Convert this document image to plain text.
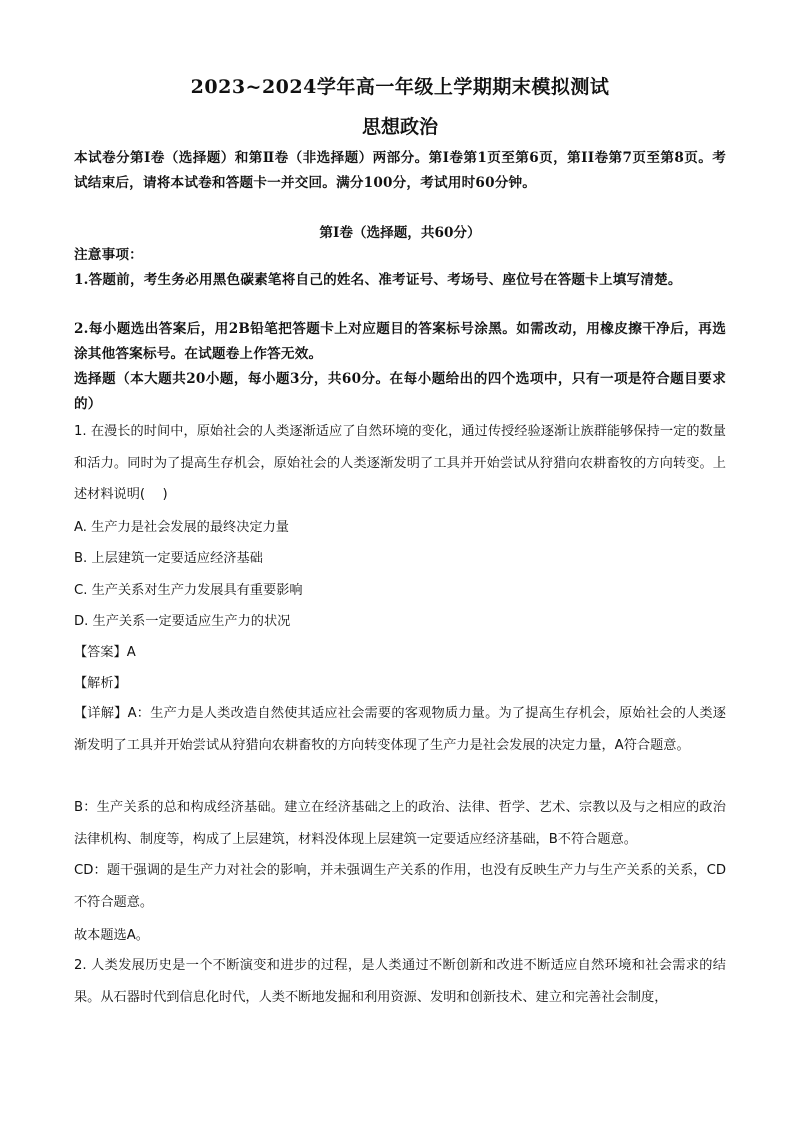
2023~2024学年高一年级上学期期末模拟测试
思想政治
本试卷分第Ⅰ卷（选择题）和第Ⅱ卷（非选择题）两部分。第Ⅰ卷第1页至第6页，第II卷第7页至第8页。考试结束后，请将本试卷和答题卡一并交回。满分100分，考试用时60分钟。
第Ⅰ卷（选择题，共60分）
注意事项：
1.答题前，考生务必用黑色碳素笔将自己的姓名、准考证号、考场号、座位号在答题卡上填写清楚。
2.每小题选出答案后，用2B铅笔把答题卡上对应题目的答案标号涂黑。如需改动，用橡皮擦干净后，再选涂其他答案标号。在试题卷上作答无效。
选择题（本大题共20小题，每小题3分，共60分。在每小题给出的四个选项中，只有一项是符合题目要求的）
1. 在漫长的时间中，原始社会的人类逐渐适应了自然环境的变化，通过传授经验逐渐让族群能够保持一定的数量和活力。同时为了提高生存机会，原始社会的人类逐渐发明了工具并开始尝试从狩猎向农耕畜牧的方向转变。上述材料说明(　 )
A. 生产力是社会发展的最终决定力量
B. 上层建筑一定要适应经济基础
C. 生产关系对生产力发展具有重要影响
D. 生产关系一定要适应生产力的状况
【答案】A
【解析】
【详解】A：生产力是人类改造自然使其适应社会需要的客观物质力量。为了提高生存机会，原始社会的人类逐渐发明了工具并开始尝试从狩猎向农耕畜牧的方向转变体现了生产力是社会发展的决定力量，A符合题意。
B：生产关系的总和构成经济基础。建立在经济基础之上的政治、法律、哲学、艺术、宗教以及与之相应的政治法律机构、制度等，构成了上层建筑，材料没体现上层建筑一定要适应经济基础，B不符合题意。
CD：题干强调的是生产力对社会的影响，并未强调生产关系的作用，也没有反映生产力与生产关系的关系，CD不符合题意。
故本题选A。
2. 人类发展历史是一个不断演变和进步的过程，是人类通过不断创新和改进不断适应自然环境和社会需求的结果。从石器时代到信息化时代，人类不断地发掘和利用资源、发明和创新技术、建立和完善社会制度，
